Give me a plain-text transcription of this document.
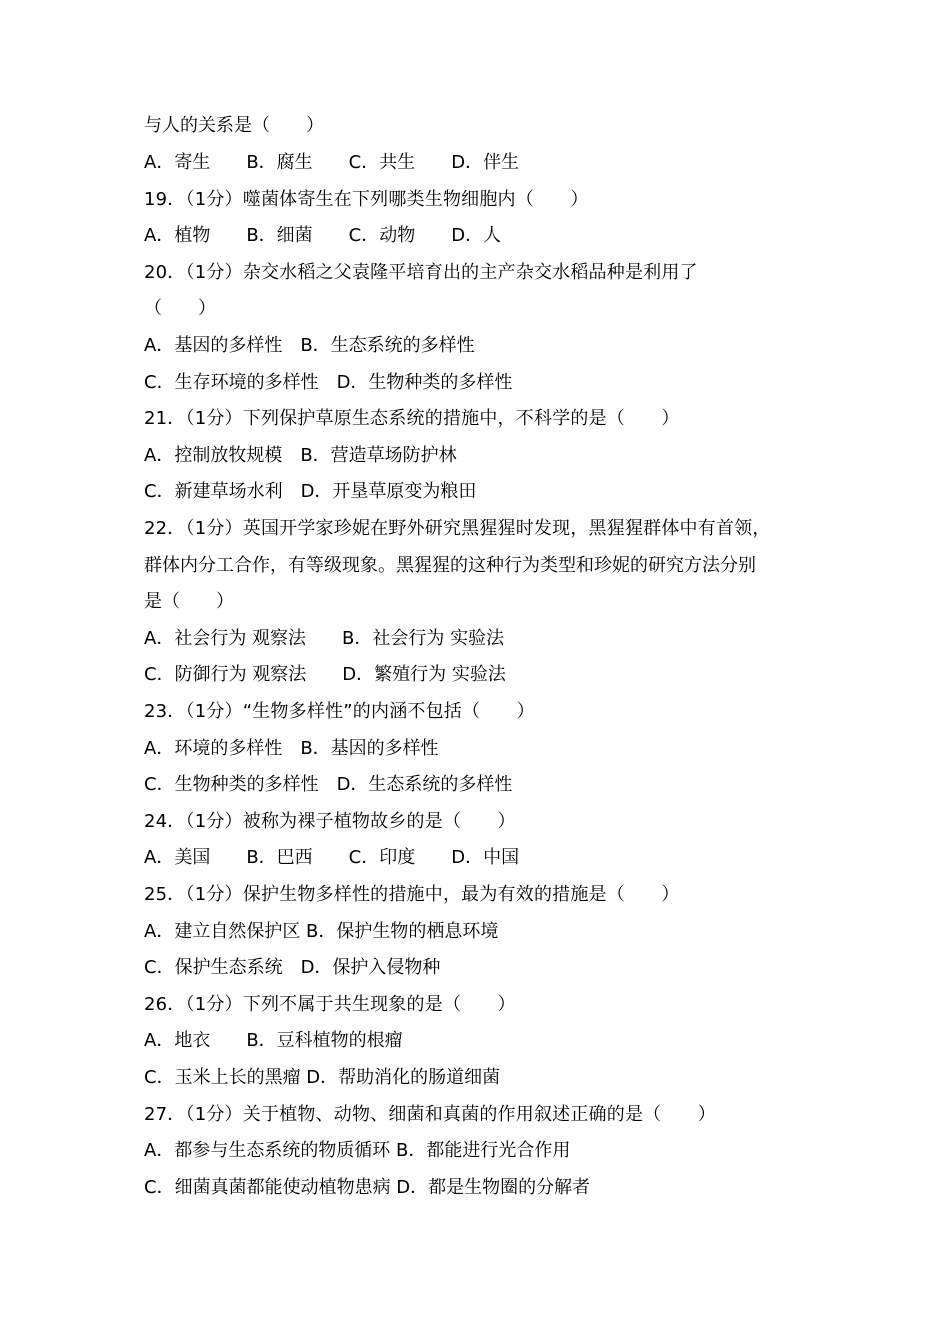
与人的关系是（　　）
A．寄生　　B．腐生　　C．共生　　D．伴生
19．（1分）噬菌体寄生在下列哪类生物细胞内（　　）
A．植物　　B．细菌　　C．动物　　D．人
20．（1分）杂交水稻之父袁隆平培育出的主产杂交水稻品种是利用了
（　　）
A．基因的多样性　B．生态系统的多样性
C．生存环境的多样性　D．生物种类的多样性
21．（1分）下列保护草原生态系统的措施中，不科学的是（　　）
A．控制放牧规模　B．营造草场防护林
C．新建草场水利　D．开垦草原变为粮田
22．（1分）英国开学家珍妮在野外研究黑猩猩时发现，黑猩猩群体中有首领，
群体内分工合作，有等级现象。黑猩猩的这种行为类型和珍妮的研究方法分别
是（　　）
A．社会行为 观察法　　B．社会行为 实验法
C．防御行为 观察法　　D．繁殖行为 实验法
23．（1分）“生物多样性”的内涵不包括（　　）
A．环境的多样性　B．基因的多样性
C．生物种类的多样性　D．生态系统的多样性
24．（1分）被称为裸子植物故乡的是（　　）
A．美国　　B．巴西　　C．印度　　D．中国
25．（1分）保护生物多样性的措施中，最为有效的措施是（　　）
A．建立自然保护区 B．保护生物的栖息环境
C．保护生态系统　D．保护入侵物种
26．（1分）下列不属于共生现象的是（　　）
A．地衣　　B．豆科植物的根瘤
C．玉米上长的黑瘤 D．帮助消化的肠道细菌
27．（1分）关于植物、动物、细菌和真菌的作用叙述正确的是（　　）
A．都参与生态系统的物质循环 B．都能进行光合作用
C．细菌真菌都能使动植物患病 D．都是生物圈的分解者
